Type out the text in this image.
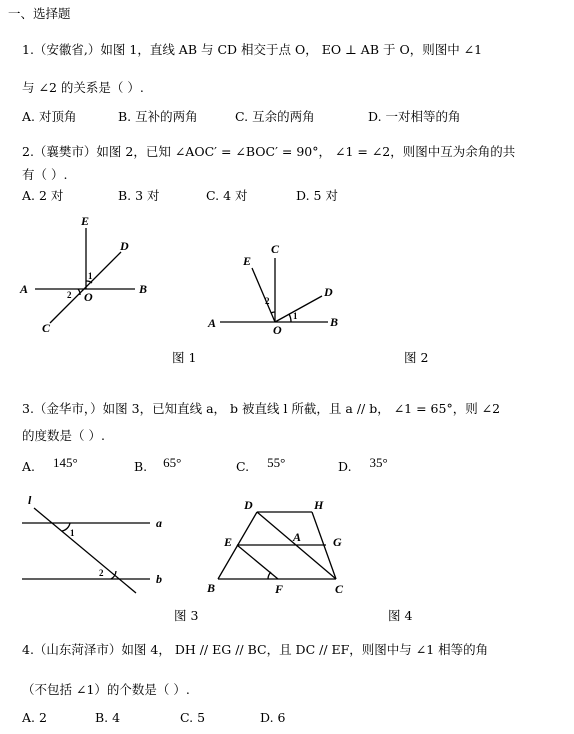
一、选择题
1.（安徽省,）如图 1，直线 AB 与 CD 相交于点 O， EO ⊥ AB 于 O，则图中 ∠1
与 ∠2 的关系是（ ）.
A. 对顶角	B. 互补的两角	C. 互余的两角	D. 一对相等的角
2.（襄樊市）如图 2，已知 ∠AOC′ = ∠BOC′ = 90°， ∠1 = ∠2，则图中互为余角的共
有（ ）.
A. 2 对	B. 3 对	C. 4 对	D. 5 对
E
D
A	B
O
C
1
2
C
E
D
A	B
O
1
2
l
a
b
1
2
D	H
E	A	G
B	F	C
图 1	图 2
3.（金华市，）如图 3，已知直线 a， b 被直线 l 所截，且 a // b， ∠1 = 65°，则 ∠2
的度数是（ ）.
A. 145°	B. 65°	C. 55°	D. 35°
图 3	图 4
4.（山东菏泽市）如图 4， DH // EG // BC，且 DC // EF，则图中与 ∠1 相等的角
（不包括 ∠1）的个数是（ ）.
A. 2	B. 4	C. 5	D. 6
